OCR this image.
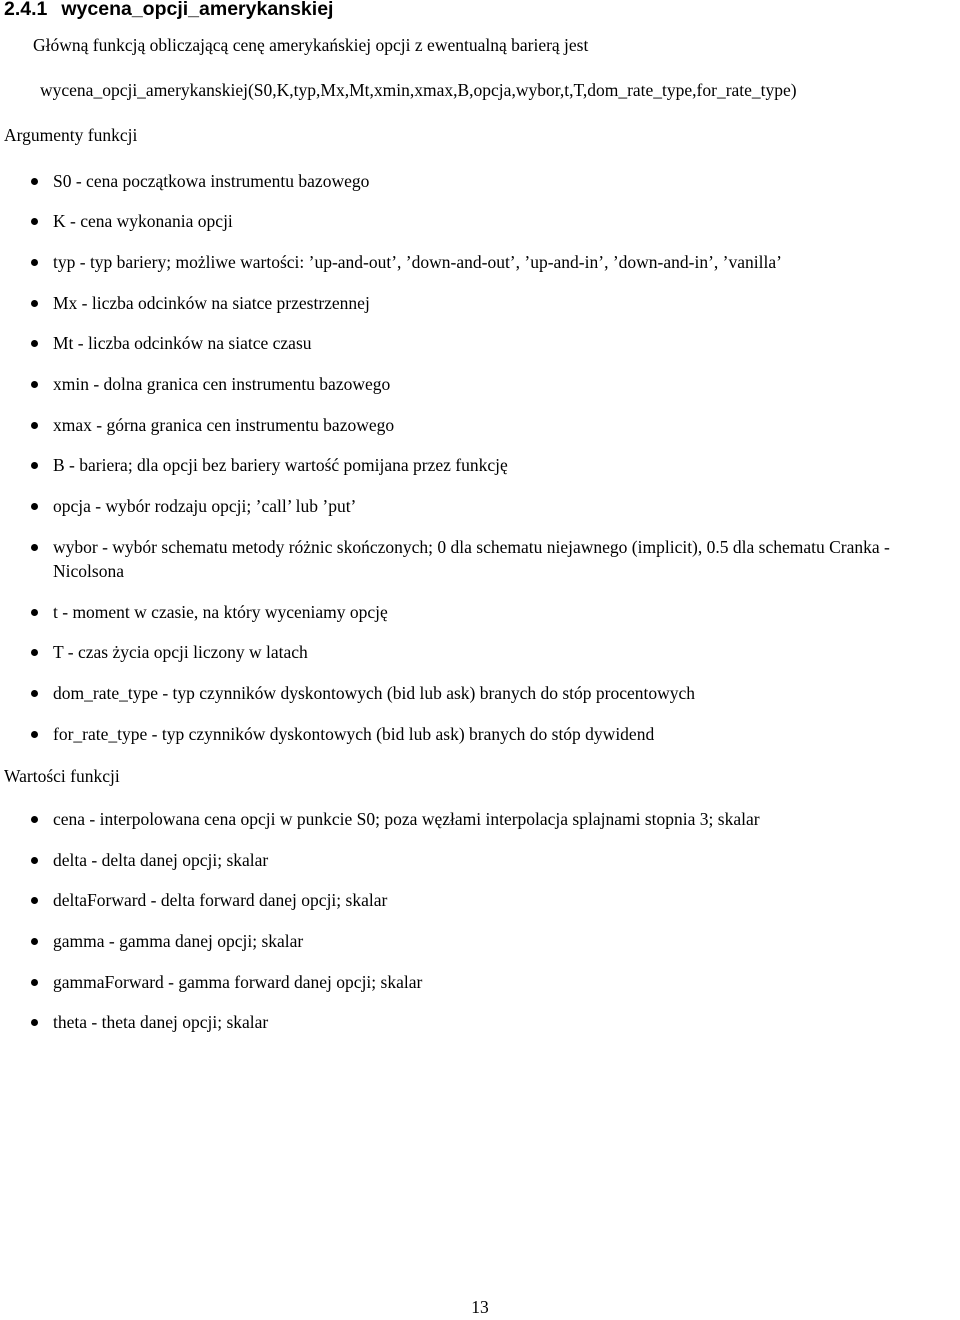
2.4.1 wycena_opcji_amerykanskiej

Główną funkcją obliczającą cenę amerykańskiej opcji z ewentualną barierą jest

wycena_opcji_amerykanskiej(S0,K,typ,Mx,Mt,xmin,xmax,B,opcja,wybor,t,T,dom_rate_type,for_rate_type)

Argumenty funkcji

S0 - cena początkowa instrumentu bazowego
K - cena wykonania opcji
typ - typ bariery; możliwe wartości: ’up-and-out’, ’down-and-out’, ’up-and-in’, ’down-and-in’, ’vanilla’
Mx - liczba odcinków na siatce przestrzennej
Mt - liczba odcinków na siatce czasu
xmin - dolna granica cen instrumentu bazowego
xmax - górna granica cen instrumentu bazowego
B - bariera; dla opcji bez bariery wartość pomijana przez funkcję
opcja - wybór rodzaju opcji; ’call’ lub ’put’
wybor - wybór schematu metody różnic skończonych; 0 dla schematu niejawnego (implicit), 0.5 dla schematu Cranka - Nicolsona
t - moment w czasie, na który wyceniamy opcję
T - czas życia opcji liczony w latach
dom_rate_type - typ czynników dyskontowych (bid lub ask) branych do stóp procentowych
for_rate_type - typ czynników dyskontowych (bid lub ask) branych do stóp dywidend

Wartości funkcji

cena - interpolowana cena opcji w punkcie S0; poza węzłami interpolacja splajnami stopnia 3; skalar
delta - delta danej opcji; skalar
deltaForward - delta forward danej opcji; skalar
gamma - gamma danej opcji; skalar
gammaForward - gamma forward danej opcji; skalar
theta - theta danej opcji; skalar

13
